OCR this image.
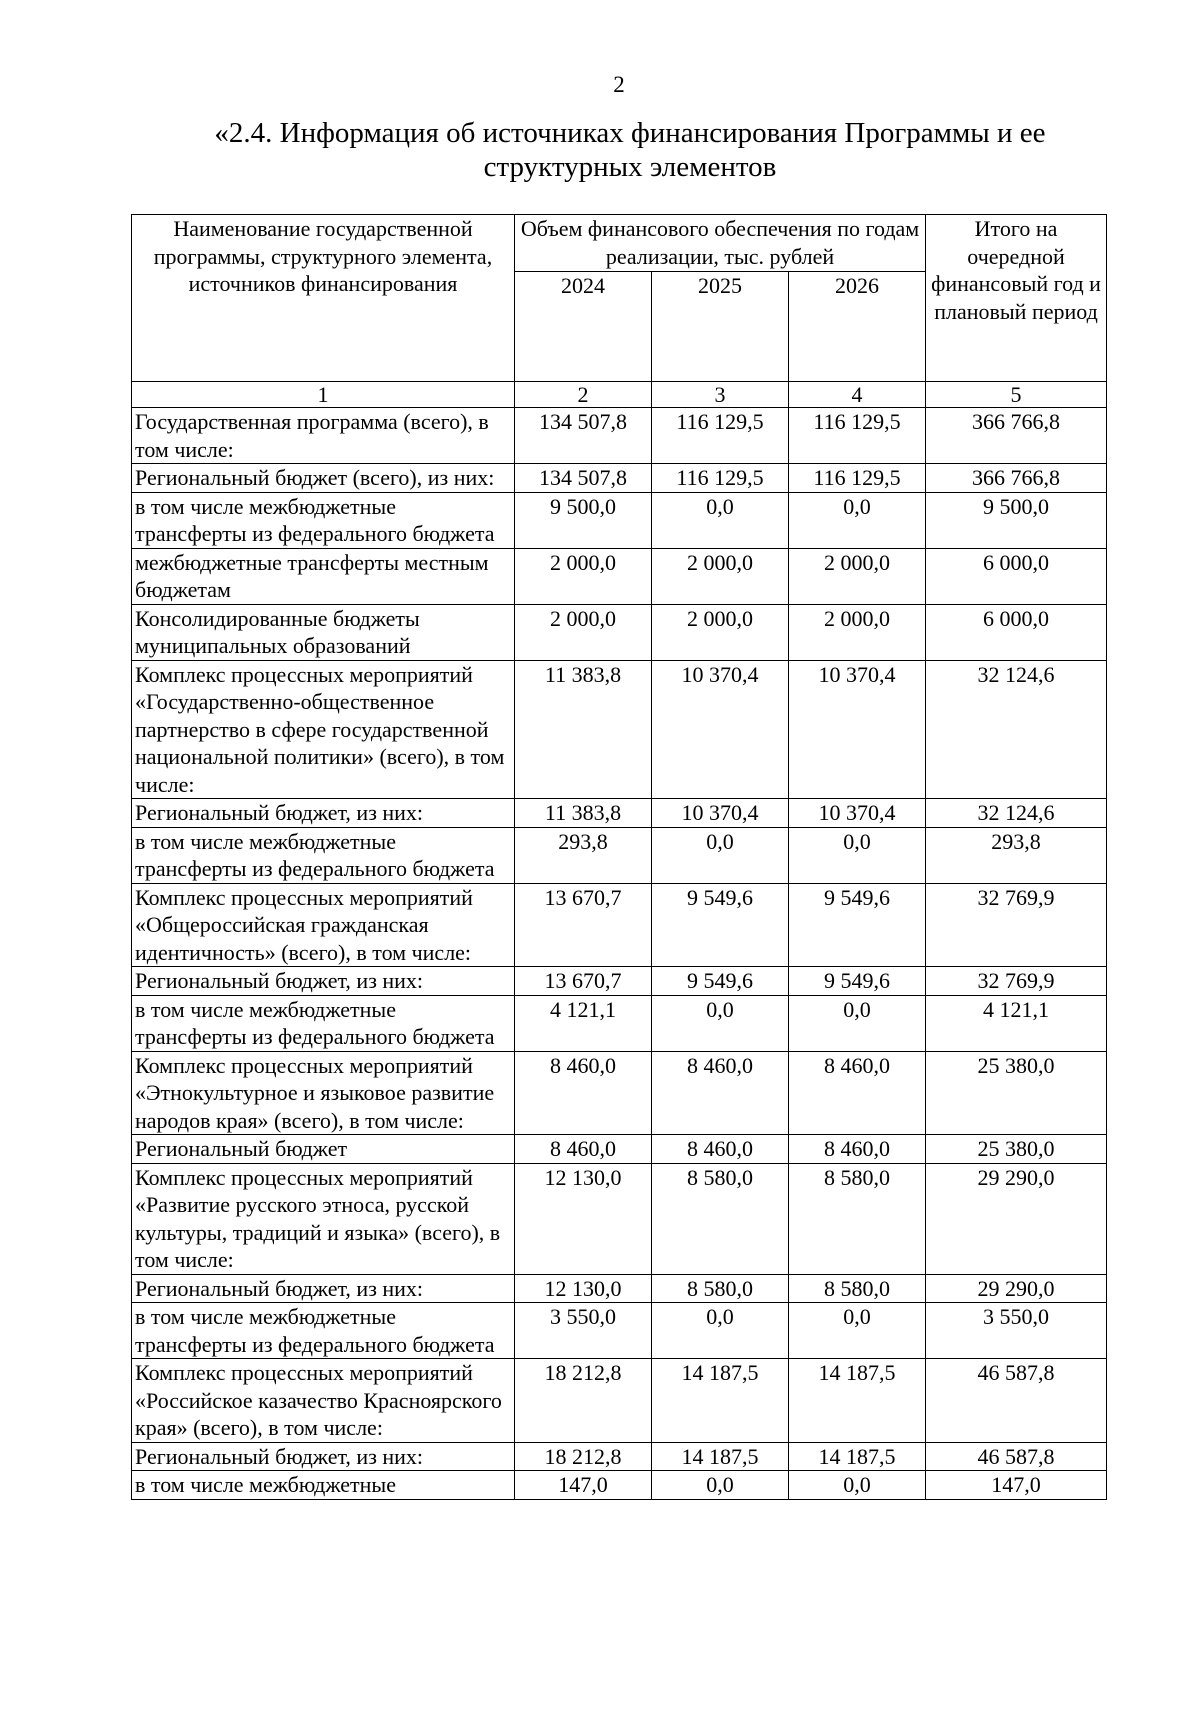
2
«2.4. Информация об источниках финансирования Программы и ее
структурных элементов
Наименование государственной программы, структурного элемента, источников финансирования	Объем финансового обеспечения по годам реализации, тыс. рублей			Итого на очередной финансовый год и плановый период
	2024	2025	2026	
1	2	3	4	5
Государственная программа (всего), в том числе:	134 507,8	116 129,5	116 129,5	366 766,8
Региональный бюджет (всего), из них:	134 507,8	116 129,5	116 129,5	366 766,8
в том числе межбюджетные трансферты из федерального бюджета	9 500,0	0,0	0,0	9 500,0
межбюджетные трансферты местным бюджетам	2 000,0	2 000,0	2 000,0	6 000,0
Консолидированные бюджеты муниципальных образований	2 000,0	2 000,0	2 000,0	6 000,0
Комплекс процессных мероприятий «Государственно-общественное партнерство в сфере государственной национальной политики» (всего), в том числе:	11 383,8	10 370,4	10 370,4	32 124,6
Региональный бюджет, из них:	11 383,8	10 370,4	10 370,4	32 124,6
в том числе межбюджетные трансферты из федерального бюджета	293,8	0,0	0,0	293,8
Комплекс процессных мероприятий «Общероссийская гражданская идентичность» (всего), в том числе:	13 670,7	9 549,6	9 549,6	32 769,9
Региональный бюджет, из них:	13 670,7	9 549,6	9 549,6	32 769,9
в том числе межбюджетные трансферты из федерального бюджета	4 121,1	0,0	0,0	4 121,1
Комплекс процессных мероприятий «Этнокультурное и языковое развитие народов края» (всего), в том числе:	8 460,0	8 460,0	8 460,0	25 380,0
Региональный бюджет	8 460,0	8 460,0	8 460,0	25 380,0
Комплекс процессных мероприятий «Развитие русского этноса, русской культуры, традиций и языка» (всего), в том числе:	12 130,0	8 580,0	8 580,0	29 290,0
Региональный бюджет, из них:	12 130,0	8 580,0	8 580,0	29 290,0
в том числе межбюджетные трансферты из федерального бюджета	3 550,0	0,0	0,0	3 550,0
Комплекс процессных мероприятий «Российское казачество Красноярского края» (всего), в том числе:	18 212,8	14 187,5	14 187,5	46 587,8
Региональный бюджет, из них:	18 212,8	14 187,5	14 187,5	46 587,8
в том числе межбюджетные	147,0	0,0	0,0	147,0
